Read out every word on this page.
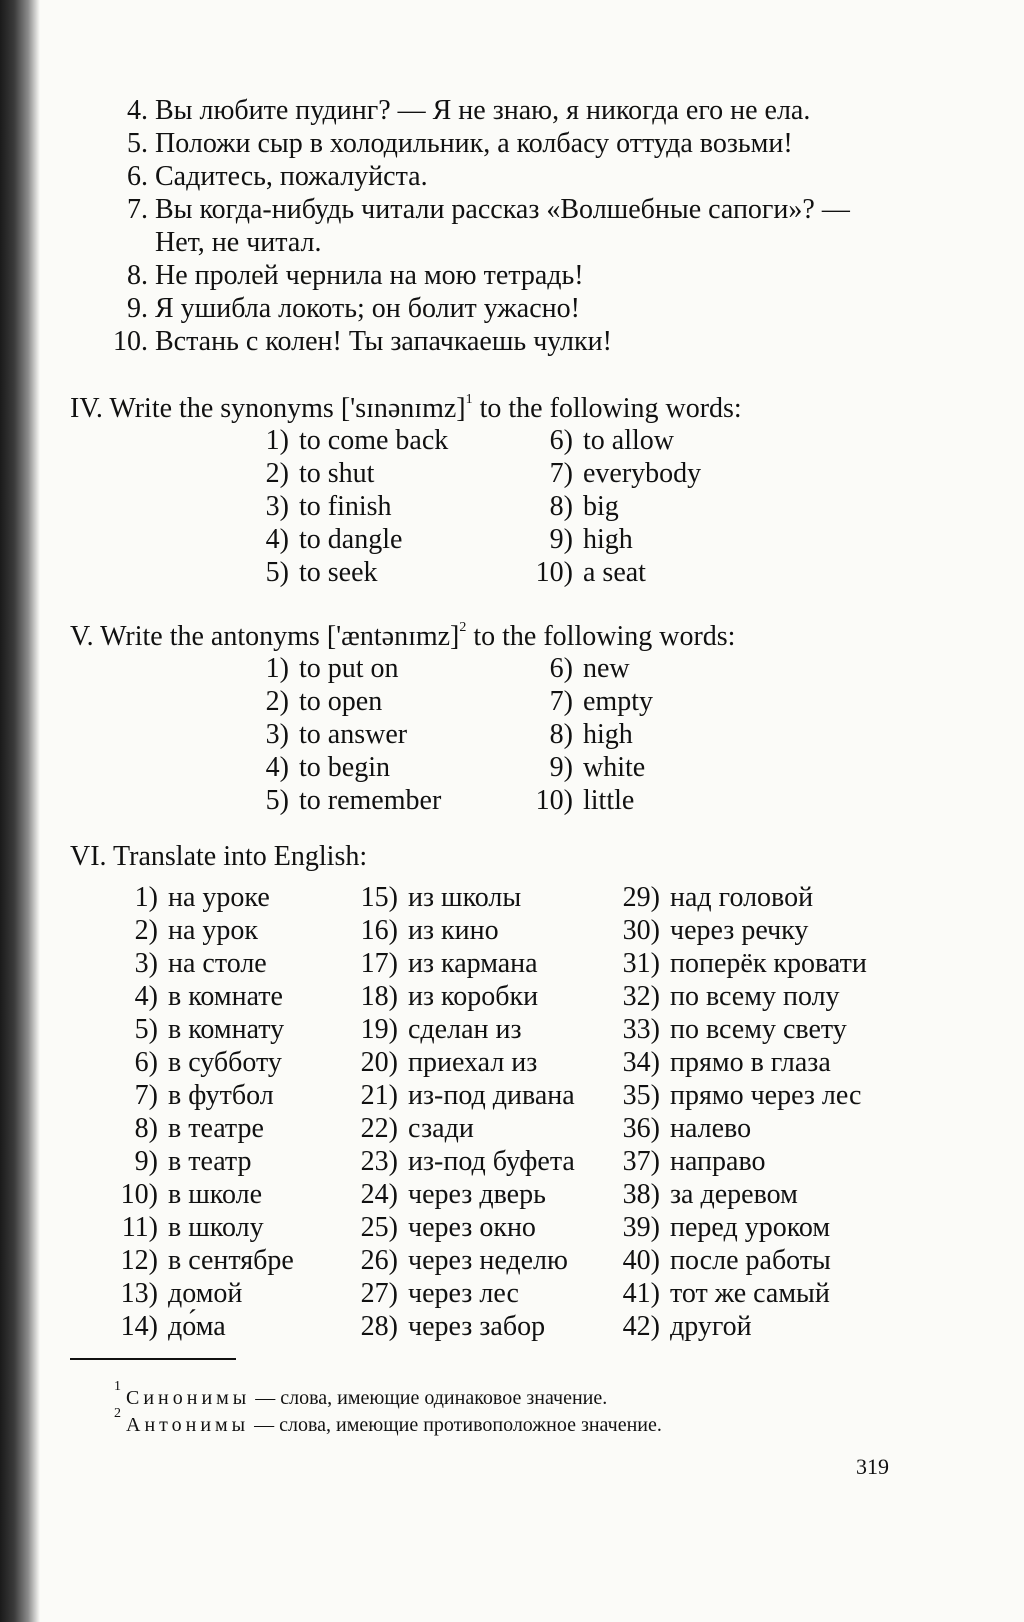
4. Вы любите пудинг? — Я не знаю, я никогда его не ела.
5. Положи сыр в холодильник, а колбасу оттуда возьми!
6. Садитесь, пожалуйста.
7. Вы когда-нибудь читали рассказ «Волшебные сапоги»? —
Нет, не читал.
8. Не пролей чернила на мою тетрадь!
9. Я ушибла локоть; он болит ужасно!
10. Встань с колен! Ты запачкаешь чулки!
IV. Write the synonyms ['sɪnənɪmz]$^1$ to the following words:
1) to come back
2) to shut
3) to finish
4) to dangle
5) to seek
6) to allow
7) everybody
8) big
9) high
10) a seat
V. Write the antonyms ['æntənɪmz]$^2$ to the following words:
1) to put on
2) to open
3) to answer
4) to begin
5) to remember
6) new
7) empty
8) high
9) white
10) little
VI. Translate into English:
1) на уроке
2) на урок
3) на столе
4) в комнате
5) в комнату
6) в субботу
7) в футбол
8) в театре
9) в театр
10) в школе
11) в школу
12) в сентябре
13) домой
14) до́ма
15) из школы
16) из кино
17) из кармана
18) из коробки
19) сделан из
20) приехал из
21) из-под дивана
22) сзади
23) из-под буфета
24) через дверь
25) через окно
26) через неделю
27) через лес
28) через забор
29) над головой
30) через речку
31) поперёк кровати
32) по всему полу
33) по всему свету
34) прямо в глаза
35) прямо через лес
36) налево
37) направо
38) за деревом
39) перед уроком
40) после работы
41) тот же самый
42) другой
$^1$ Синонимы — слова, имеющие одинаковое значение.
$^2$ Антонимы — слова, имеющие противоположное значение.
319
